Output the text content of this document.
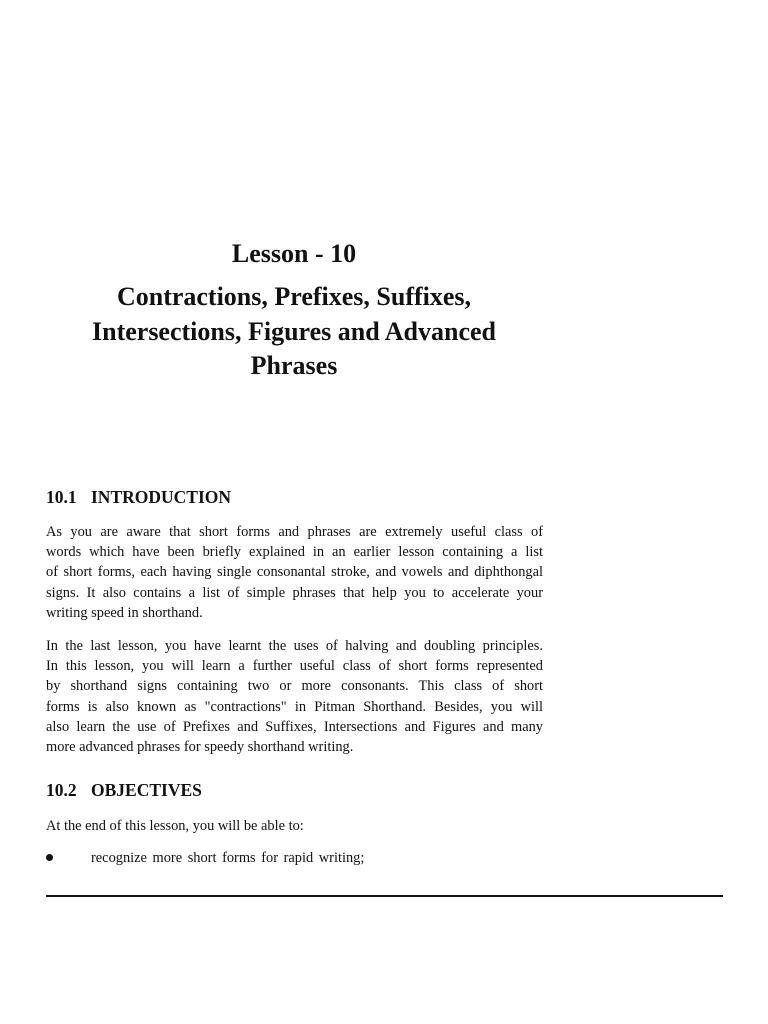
Lesson - 10
Contractions, Prefixes, Suffixes,
Intersections, Figures and Advanced
Phrases
10.1 INTRODUCTION
As you are aware that short forms and phrases are extremely useful class of
words which have been briefly explained in an earlier lesson containing a list
of short forms, each having single consonantal stroke, and vowels and diphthongal
signs. It also contains a list of simple phrases that help you to accelerate your
writing speed in shorthand.
In the last lesson, you have learnt the uses of halving and doubling principles.
In this lesson, you will learn a further useful class of short forms represented
by shorthand signs containing two or more consonants. This class of short
forms is also known as "contractions" in Pitman Shorthand. Besides, you will
also learn the use of Prefixes and Suffixes, Intersections and Figures and many
more advanced phrases for speedy shorthand writing.
10.2 OBJECTIVES
At the end of this lesson, you will be able to:
recognize more short forms for rapid writing;
